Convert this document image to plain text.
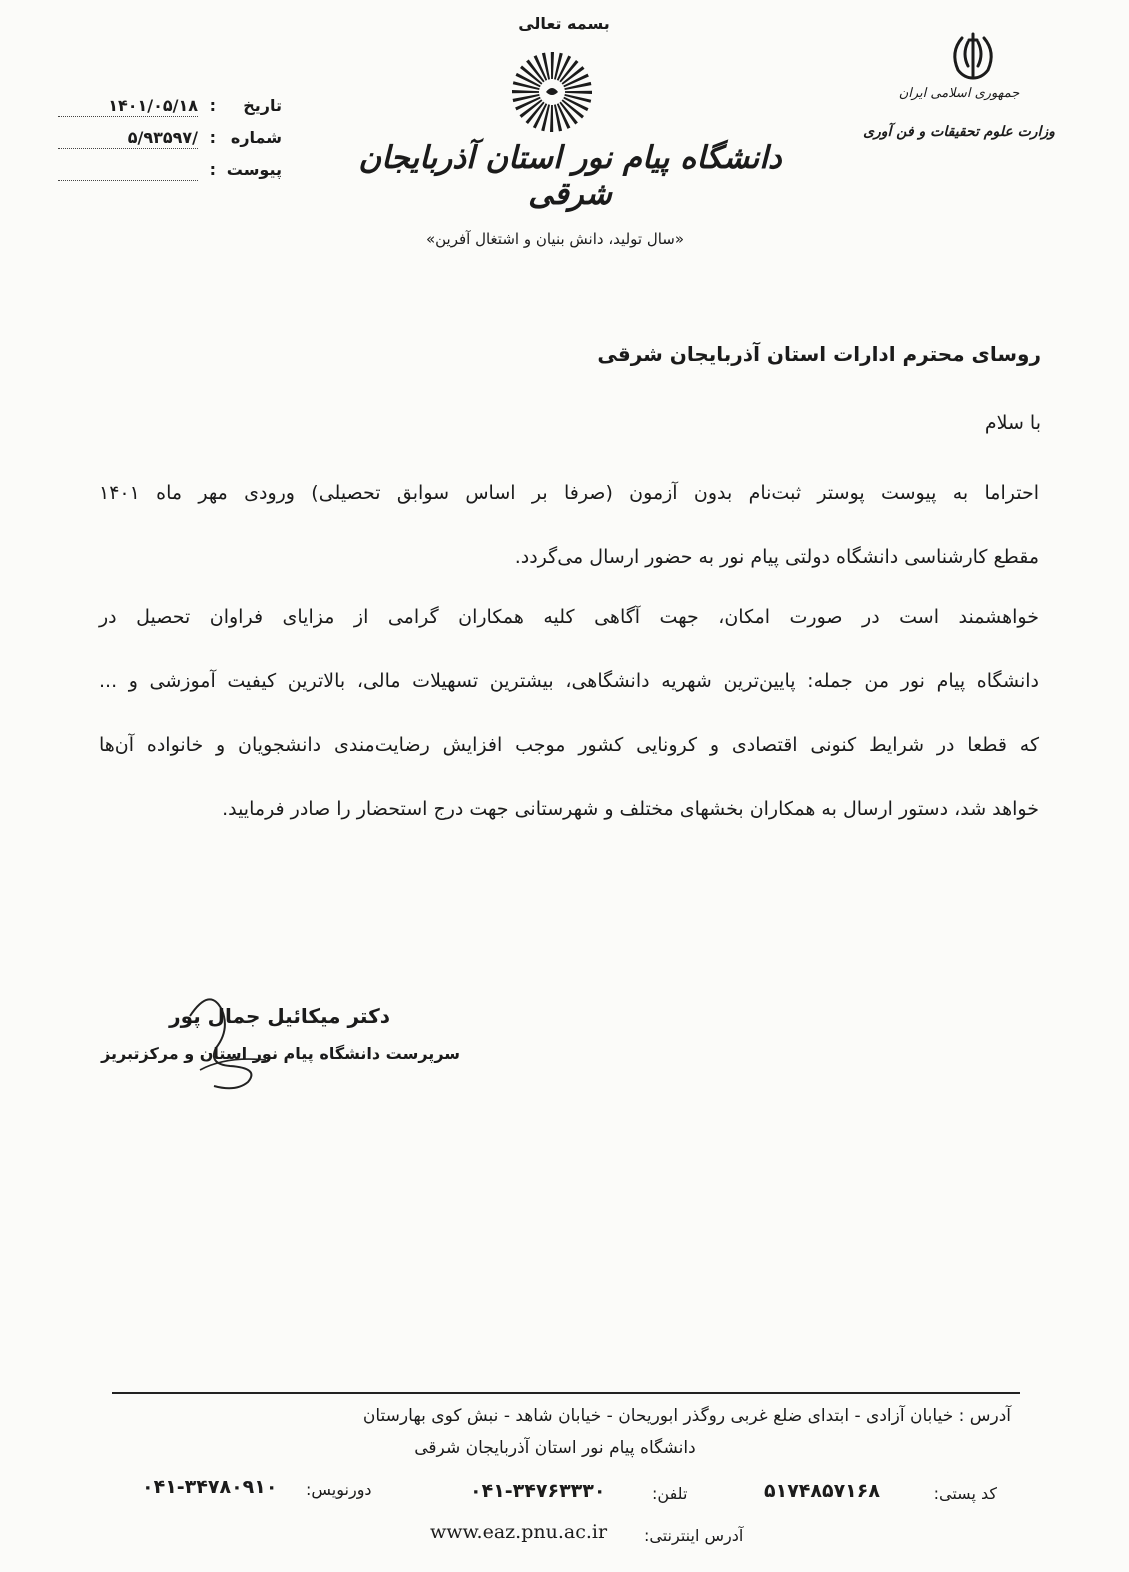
تاریخ
:
۱۴۰۱/۰۵/۱۸
شماره
:
/۵/۹۳۵۹۷
پیوست
:
بسمه تعالی
دانشگاه پیام نور استان آذربایجان شرقی
«سال تولید، دانش بنیان و اشتغال آفرین»
جمهوری اسلامی ایران
وزارت علوم تحقیقات و فن آوری
روسای محترم ادارات استان آذربایجان شرقی
با سلام
احتراما به پیوست پوستر ثبت‌نام بدون آزمون (صرفا بر اساس سوابق تحصیلی) ورودی مهر ماه ۱۴۰۱
مقطع کارشناسی دانشگاه دولتی پیام نور به حضور ارسال می‌گردد.
خواهشمند است در صورت امکان، جهت آگاهی کلیه همکاران گرامی از مزایای فراوان تحصیل در
دانشگاه پیام نور من جمله: پایین‌ترین شهریه دانشگاهی، بیشترین تسهیلات مالی، بالاترین کیفیت آموزشی و ...
که قطعا در شرایط کنونی اقتصادی و کرونایی کشور موجب افزایش رضایت‌مندی دانشجویان و خانواده آن‌ها
خواهد شد، دستور ارسال به همکاران بخشهای مختلف و شهرستانی جهت درج استحضار را صادر فرمایید.
دکتر میکائیل جمال پور
سرپرست دانشگاه پیام نور استان و مرکزتبریز
آدرس : خیابان آزادی - ابتدای ضلع غربی روگذر ابوریحان - خیابان شاهد - نبش کوی بهارستان
دانشگاه پیام نور استان آذربایجان شرقی
کد پستی:
۵۱۷۴۸۵۷۱۶۸
تلفن:
۰۴۱-۳۴۷۶۳۳۳۰
دورنویس:
۰۴۱-۳۴۷۸۰۹۱۰
آدرس اینترنتی:
www.eaz.pnu.ac.ir
